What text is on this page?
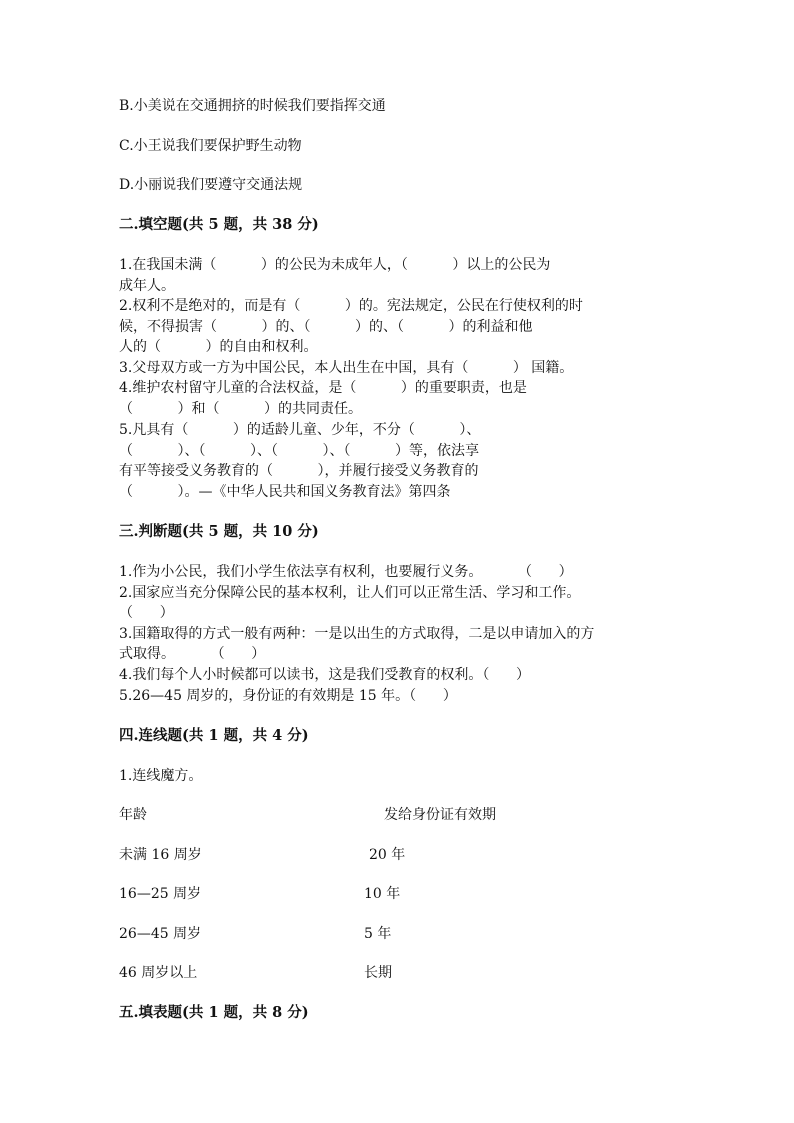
B.小美说在交通拥挤的时候我们要指挥交通
C.小王说我们要保护野生动物
D.小丽说我们要遵守交通法规
二.填空题(共 5 题，共 38 分)
1.在我国未满（          ）的公民为未成年人，（          ）以上的公民为
成年人。
2.权利不是绝对的，而是有（          ）的。宪法规定，公民在行使权利的时
候，不得损害（          ）的、（          ）的、（          ）的利益和他
人的（          ）的自由和权利。
3.父母双方或一方为中国公民，本人出生在中国，具有（          ） 国籍。
4.维护农村留守儿童的合法权益，是（          ）的重要职责，也是
（          ）和（          ）的共同责任。
5.凡具有（          ）的适龄儿童、少年，不分（          ）、
（          ）、（          ）、（          ）、（          ）等，依法享
有平等接受义务教育的（          ），并履行接受义务教育的
（          ）。—《中华人民共和国义务教育法》第四条
三.判断题(共 5 题，共 10 分)
1.作为小公民，我们小学生依法享有权利，也要履行义务。        （      ）
2.国家应当充分保障公民的基本权利，让人们可以正常生活、学习和工作。
（      ）
3.国籍取得的方式一般有两种：一是以出生的方式取得，二是以申请加入的方
式取得。        （      ）
4.我们每个人小时候都可以读书，这是我们受教育的权利。（      ）
5.26—45 周岁的，身份证的有效期是 15 年。（      ）
四.连线题(共 1 题，共 4 分)
1.连线魔方。
年龄	发给身份证有效期
未满 16 周岁	20 年
16—25 周岁	10 年
26—45 周岁	5 年
46 周岁以上	长期
五.填表题(共 1 题，共 8 分)
